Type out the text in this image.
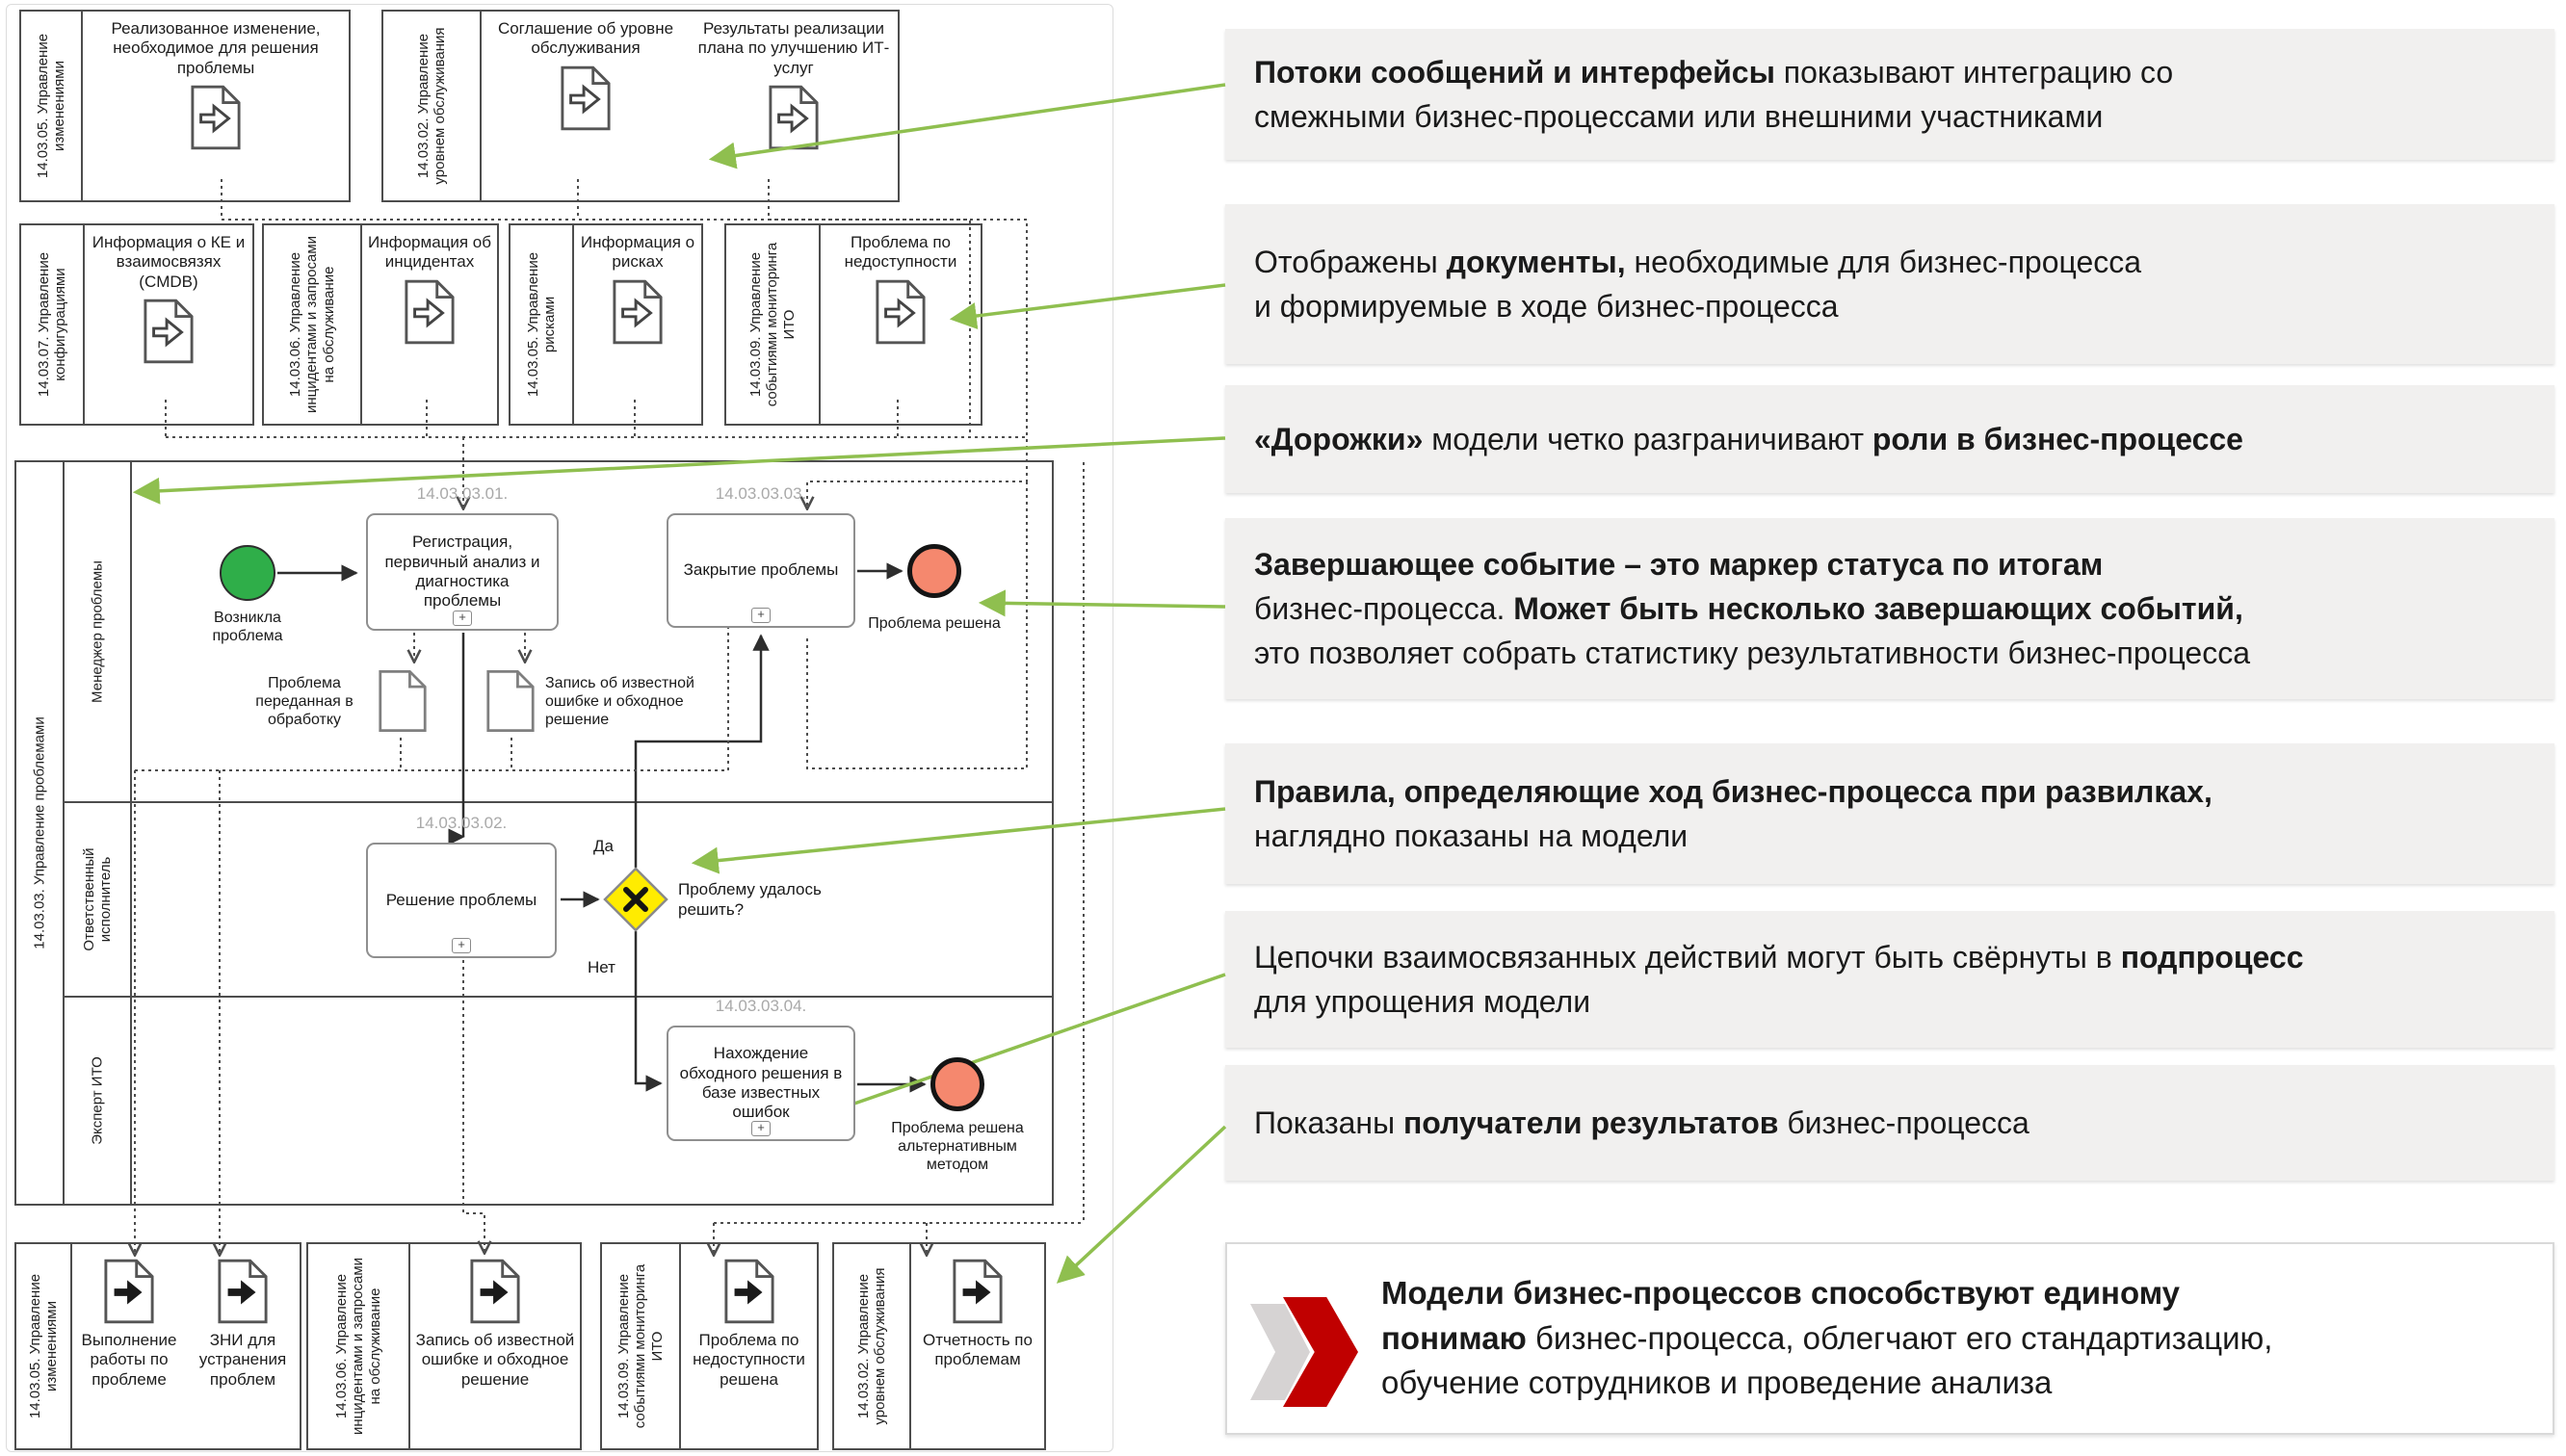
14.03.05. Управление изменениями
Реализованное изменение, необходимое для решения проблемы	14.03.02. Управление уровнем обслуживания	Соглашение об уровне обслуживания
Результаты реализации плана по улучшению ИТ-услуг
14.03.07. Управление конфигурациями
Информация о КЕ и взаимосвязях (CMDB)	14.03.06. Управление инцидентами и запросами на обслуживание
Информация об инцидентах	14.03.05. Управление рисками
Информация о рисках	14.03.09. Управление событиями мониторинга ИТО
Проблема по недоступности
14.03.03. Управление проблемами
Менеджер проблемы
Ответственный исполнитель
Эксперт ИТО
Возникла проблема
14.03.03.01.
Регистрация, первичный анализ и диагностика проблемы
+
14.03.03.03.
Закрытие проблемы
+
Проблема решена
Проблема переданная в обработку
Запись об известной ошибке и обходное решение
14.03.03.02.
Решение проблемы
+
Да
Нет
Проблему удалось решить?
14.03.03.04.
Нахождение обходного решения в базе известных ошибок
+	Проблема решена альтернативным методом
14.03.05. Управление изменениями	Выполнение работы по проблеме
ЗНИ для устранения проблем	14.03.06. Управление инцидентами и запросами на обслуживание Запись об известной ошибке и обходное решение	14.03.09. Управление событиями мониторинга ИТО	Проблема по недоступности решена	14.03.02. Управление уровнем обслуживания	Отчетность по проблемам
Потоки сообщений и интерфейсы показывают интеграцию со
смежными бизнес-процессами или внешними участниками
Отображены документы, необходимые для бизнес-процесса
и формируемые в ходе бизнес-процесса
«Дорожки» модели четко разграничивают роли в бизнес-процессе
Завершающее событие – это маркер статуса по итогам
бизнес-процесса. Может быть несколько завершающих событий,
это позволяет собрать статистику результативности бизнес-процесса
Правила, определяющие ход бизнес-процесса при развилках,
наглядно показаны на модели
Цепочки взаимосвязанных действий могут быть свёрнуты в подпроцесс
для упрощения модели
Показаны получатели результатов бизнес-процесса
Модели бизнес-процессов способствуют единому
понимаю бизнес-процесса, облегчают его стандартизацию,
обучение сотрудников и проведение анализа
